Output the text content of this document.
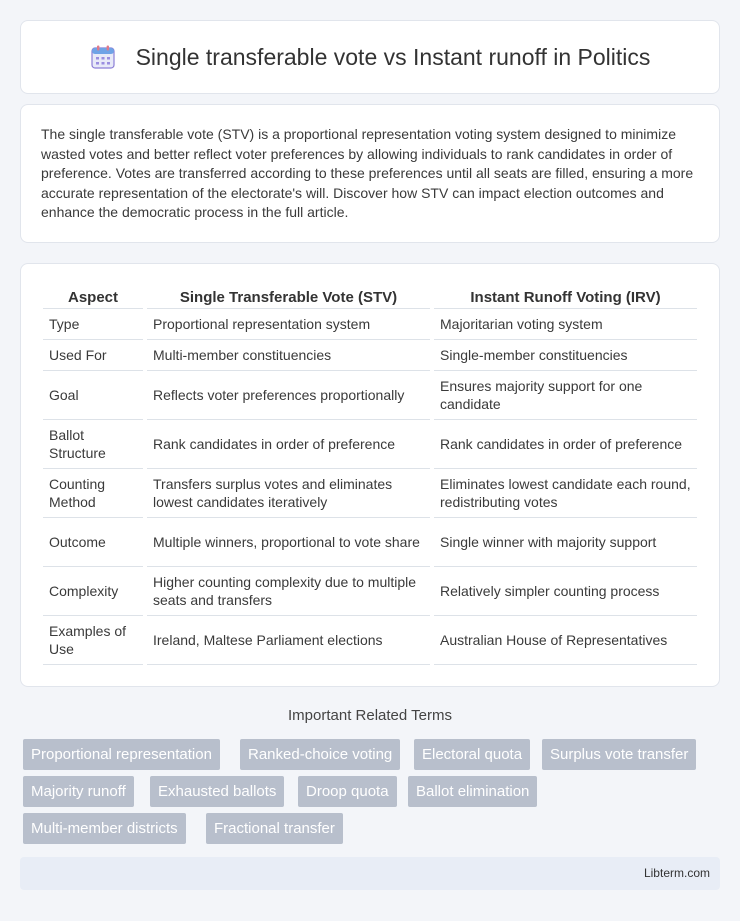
Single transferable vote vs Instant runoff in Politics

The single transferable vote (STV) is a proportional representation voting system designed to minimize wasted votes and better reflect voter preferences by allowing individuals to rank candidates in order of preference. Votes are transferred according to these preferences until all seats are filled, ensuring a more accurate representation of the electorate's will. Discover how STV can impact election outcomes and enhance the democratic process in the full article.

Aspect	Single Transferable Vote (STV)	Instant Runoff Voting (IRV)
Type	Proportional representation system	Majoritarian voting system
Used For	Multi-member constituencies	Single-member constituencies
Goal	Reflects voter preferences proportionally	Ensures majority support for one candidate
Ballot Structure	Rank candidates in order of preference	Rank candidates in order of preference
Counting Method	Transfers surplus votes and eliminates lowest candidates iteratively	Eliminates lowest candidate each round, redistributing votes
Outcome	Multiple winners, proportional to vote share	Single winner with majority support
Complexity	Higher counting complexity due to multiple seats and transfers	Relatively simpler counting process
Examples of Use	Ireland, Maltese Parliament elections	Australian House of Representatives
Important Related Terms
Proportional representation	Ranked-choice voting	Electoral quota	Surplus vote transfer
Majority runoff	Exhausted ballots	Droop quota	Ballot elimination
Multi-member districts	Fractional transfer
Libterm.com
